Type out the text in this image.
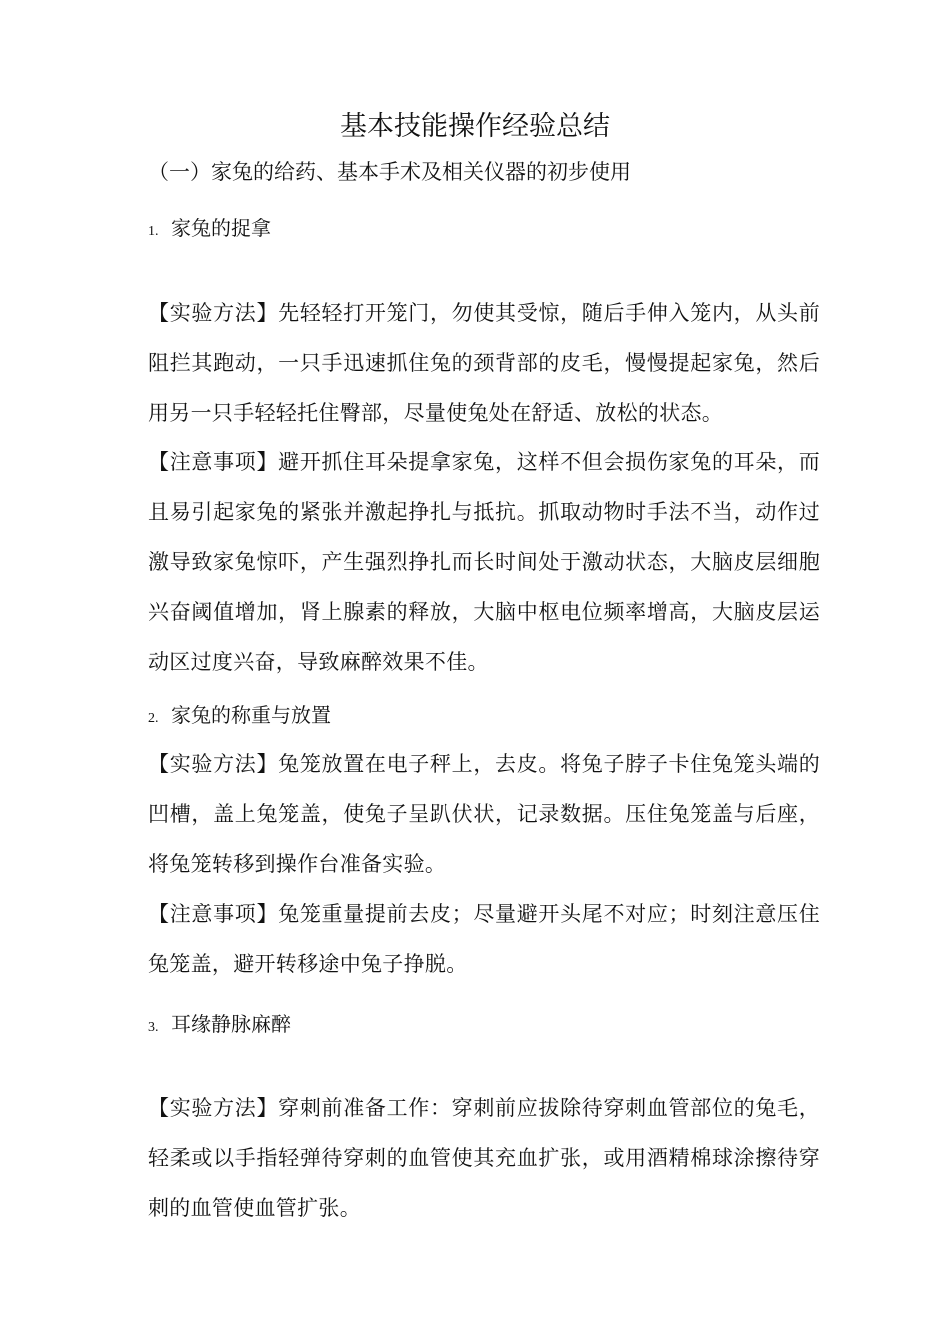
基本技能操作经验总结
（一）家兔的给药、基本手术及相关仪器的初步使用
1. 家兔的捉拿
【实验方法】先轻轻打开笼门，勿使其受惊，随后手伸入笼内，从头前阻拦其跑动，一只手迅速抓住兔的颈背部的皮毛，慢慢提起家兔，然后用另一只手轻轻托住臀部，尽量使兔处在舒适、放松的状态。
【注意事项】避开抓住耳朵提拿家兔，这样不但会损伤家兔的耳朵，而且易引起家兔的紧张并激起挣扎与抵抗。抓取动物时手法不当，动作过激导致家兔惊吓，产生强烈挣扎而长时间处于激动状态，大脑皮层细胞兴奋阈值增加，肾上腺素的释放，大脑中枢电位频率增高，大脑皮层运动区过度兴奋，导致麻醉效果不佳。
2. 家兔的称重与放置
【实验方法】兔笼放置在电子秤上，去皮。将兔子脖子卡住兔笼头端的凹槽，盖上兔笼盖，使兔子呈趴伏状，记录数据。压住兔笼盖与后座，将兔笼转移到操作台准备实验。
【注意事项】兔笼重量提前去皮；尽量避开头尾不对应；时刻注意压住兔笼盖，避开转移途中兔子挣脱。
3. 耳缘静脉麻醉
【实验方法】穿刺前准备工作：穿刺前应拔除待穿刺血管部位的兔毛，轻柔或以手指轻弹待穿刺的血管使其充血扩张，或用酒精棉球涂擦待穿刺的血管使血管扩张。
